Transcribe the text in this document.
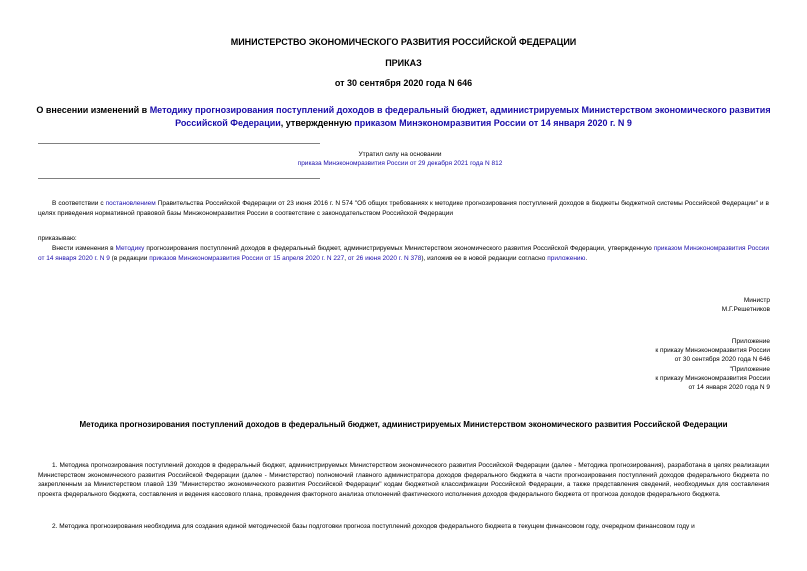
МИНИСТЕРСТВО ЭКОНОМИЧЕСКОГО РАЗВИТИЯ РОССИЙСКОЙ ФЕДЕРАЦИИ
ПРИКАЗ
от 30 сентября 2020 года N 646
О внесении изменений в Методику прогнозирования поступлений доходов в федеральный бюджет, администрируемых Министерством экономического развития Российской Федерации, утвержденную приказом Минэкономразвития России от 14 января 2020 г. N 9
Утратил силу на основании
приказа Минэкономразвития России от 29 декабря 2021 года N 812
В соответствии с постановлением Правительства Российской Федерации от 23 июня 2016 г. N 574 "Об общих требованиях к методике прогнозирования поступлений доходов в бюджеты бюджетной системы Российской Федерации" и в целях приведения нормативной правовой базы Минэкономразвития России в соответствие с законодательством Российской Федерации
приказываю:
Внести изменения в Методику прогнозирования поступлений доходов в федеральный бюджет, администрируемых Министерством экономического развития Российской Федерации, утвержденную приказом Минэкономразвития России от 14 января 2020 г. N 9 (в редакции приказов Минэкономразвития России от 15 апреля 2020 г. N 227, от 26 июня 2020 г. N 378), изложив ее в новой редакции согласно приложению.
Министр
М.Г.Решетников
Приложение
к приказу Минэкономразвития России
от 30 сентября 2020 года N 646
"Приложение
к приказу Минэкономразвития России
от 14 января 2020 года N 9
Методика прогнозирования поступлений доходов в федеральный бюджет, администрируемых Министерством экономического развития Российской Федерации
1. Методика прогнозирования поступлений доходов в федеральный бюджет, администрируемых Министерством экономического развития Российской Федерации (далее - Методика прогнозирования), разработана в целях реализации Министерством экономического развития Российской Федерации (далее - Министерство) полномочий главного администратора доходов федерального бюджета в части прогнозирования поступлений доходов федерального бюджета по закрепленным за Министерством главой 139 "Министерство экономического развития Российской Федерации" кодам бюджетной классификации Российской Федерации, а также представления сведений, необходимых для составления проекта федерального бюджета, составления и ведения кассового плана, проведения факторного анализа отклонений фактического исполнения доходов федерального бюджета от прогноза доходов федерального бюджета.
2. Методика прогнозирования необходима для создания единой методической базы подготовки прогноза поступлений доходов федерального бюджета в текущем финансовом году, очередном финансовом году и
